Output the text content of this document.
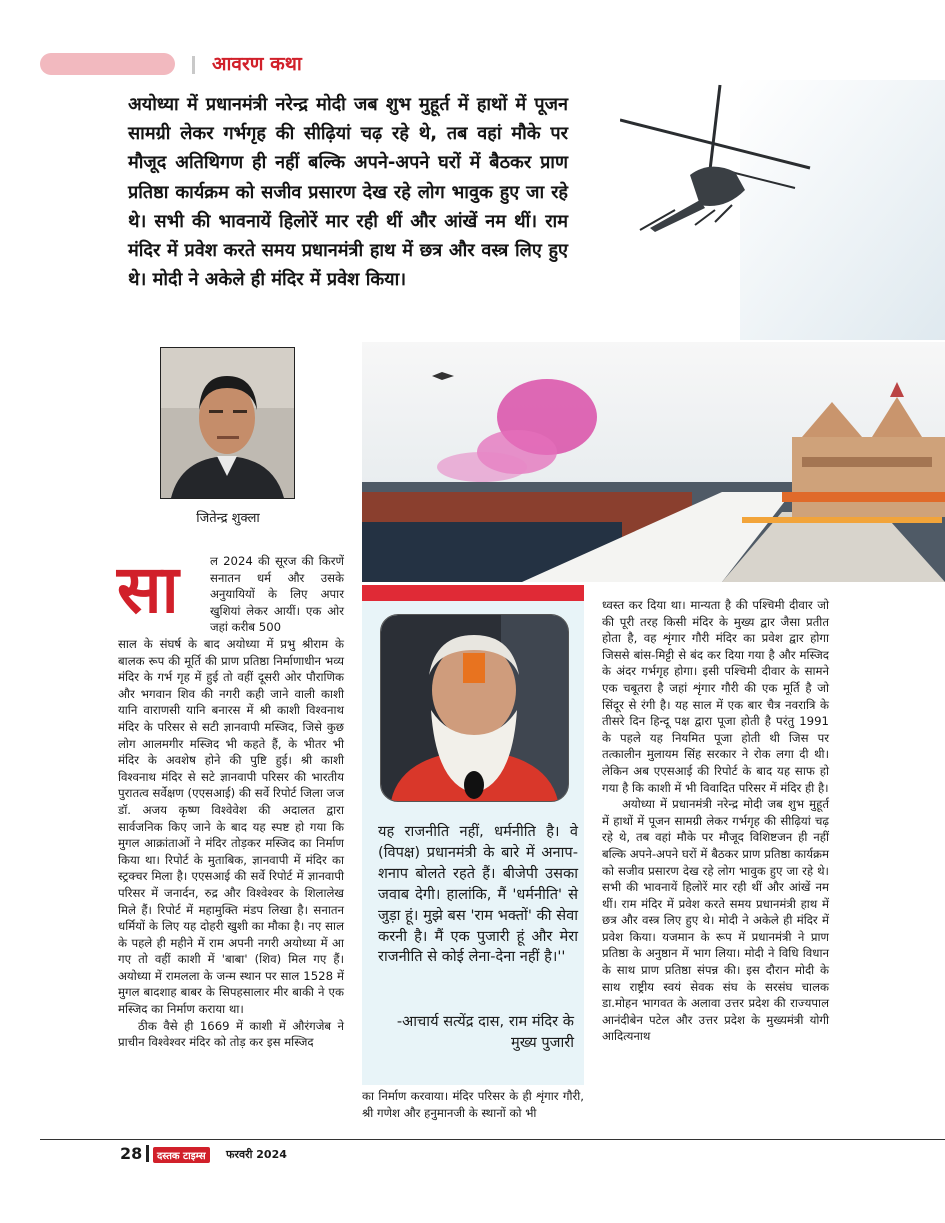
आवरण कथा
अयोध्या में प्रधानमंत्री नरेन्द्र मोदी जब शुभ मुहूर्त में हाथों में पूजन सामग्री लेकर गर्भगृह की सीढ़ियां चढ़ रहे थे, तब वहां मौके पर मौजूद अतिथिगण ही नहीं बल्कि अपने-अपने घरों में बैठकर प्राण प्रतिष्ठा कार्यक्रम को सजीव प्रसारण देख रहे लोग भावुक हुए जा रहे थे। सभी की भावनायें हिलोरें मार रही थीं और आंखें नम थीं। राम मंदिर में प्रवेश करते समय प्रधानमंत्री हाथ में छत्र और वस्त्र लिए हुए थे। मोदी ने अकेले ही मंदिर में प्रवेश किया।
जितेन्द्र शुक्ला
सा	ल 2024 की सूरज की किरणें सनातन धर्म और उसके अनुयायियों के लिए अपार खुशियां लेकर आयीं। एक ओर जहां करीब 500

साल के संघर्ष के बाद अयोध्या में प्रभु श्रीराम के बालक रूप की मूर्ति की प्राण प्रतिष्ठा निर्माणाधीन भव्य मंदिर के गर्भ गृह में हुई तो वहीं दूसरी ओर पौराणिक और भगवान शिव की नगरी कही जाने वाली काशी यानि वाराणसी यानि बनारस में श्री काशी विश्वनाथ मंदिर के परिसर से सटी ज्ञानवापी मस्जिद, जिसे कुछ लोग आलमगीर मस्जिद भी कहते हैं, के भीतर भी मंदिर के अवशेष होने की पुष्टि हुई। श्री काशी विश्वनाथ मंदिर से सटे ज्ञानवापी परिसर की भारतीय पुरातत्व सर्वेक्षण (एएसआई) की सर्वे रिपोर्ट जिला जज डॉ. अजय कृष्ण विश्वेवेश की अदालत द्वारा सार्वजनिक किए जाने के बाद यह स्पष्ट हो गया कि मुगल आक्रांताओं ने मंदिर तोड़कर मस्जिद का निर्माण किया था। रिपोर्ट के मुताबिक, ज्ञानवापी में मंदिर का स्ट्रक्चर मिला है। एएसआई की सर्वे रिपोर्ट में ज्ञानवापी परिसर में जनार्दन, रुद्र और विश्वेश्वर के शिलालेख मिले हैं। रिपोर्ट में महामुक्ति मंडप लिखा है। सनातन धर्मियों के लिए यह दोहरी खुशी का मौका है। नए साल के पहले ही महीने में राम अपनी नगरी अयोध्या में आ गए तो वहीं काशी में 'बाबा' (शिव) मिल गए हैं। अयोध्या में रामलला के जन्म स्थान पर साल 1528 में मुगल बादशाह बाबर के सिपहसालार मीर बाकी ने एक मस्जिद का निर्माण कराया था।

ठीक वैसे ही 1669 में काशी में औरंगजेब ने प्राचीन विश्वेश्वर मंदिर को तोड़ कर इस मस्जिद

यह राजनीति नहीं, धर्मनीति है। वे (विपक्ष) प्रधानमंत्री के बारे में अनाप-शनाप बोलते रहते हैं। बीजेपी उसका जवाब देगी। हालांकि, मैं 'धर्मनीति' से जुड़ा हूं। मुझे बस 'राम भक्तों' की सेवा करनी है। मैं एक पुजारी हूं और मेरा राजनीति से कोई लेना-देना नहीं है।''
-आचार्य सत्येंद्र दास, राम मंदिर के मुख्य पुजारी

का निर्माण करवाया। मंदिर परिसर के ही शृंगार गौरी, श्री गणेश और हनुमानजी के स्थानों को भी

ध्वस्त कर दिया था। मान्यता है की पश्चिमी दीवार जो की पूरी तरह किसी मंदिर के मुख्य द्वार जैसा प्रतीत होता है, वह शृंगार गौरी मंदिर का प्रवेश द्वार होगा जिससे बांस-मिट्टी से बंद कर दिया गया है और मस्जिद के अंदर गर्भगृह होगा। इसी पश्चिमी दीवार के सामने एक चबूतरा है जहां शृंगार गौरी की एक मूर्ति है जो सिंदूर से रंगी है। यह साल में एक बार चैत्र नवरात्रि के तीसरे दिन हिन्दू पक्ष द्वारा पूजा होती है परंतु 1991 के पहले यह नियमित पूजा होती थी जिस पर तत्कालीन मुलायम सिंह सरकार ने रोक लगा दी थी। लेकिन अब एएसआई की रिपोर्ट के बाद यह साफ हो गया है कि काशी में भी विवादित परिसर में मंदिर ही है।

अयोध्या में प्रधानमंत्री नरेन्द्र मोदी जब शुभ मुहूर्त में हाथों में पूजन सामग्री लेकर गर्भगृह की सीढ़ियां चढ़ रहे थे, तब वहां मौके पर मौजूद विशिष्टजन ही नहीं बल्कि अपने-अपने घरों में बैठकर प्राण प्रतिष्ठा कार्यक्रम को सजीव प्रसारण देख रहे लोग भावुक हुए जा रहे थे। सभी की भावनायें हिलोरें मार रही थीं और आंखें नम थीं। राम मंदिर में प्रवेश करते समय प्रधानमंत्री हाथ में छत्र और वस्त्र लिए हुए थे। मोदी ने अकेले ही मंदिर में प्रवेश किया। यजमान के रूप में प्रधानमंत्री ने प्राण प्रतिष्ठा के अनुष्ठान में भाग लिया। मोदी ने विधि विधान के साथ प्राण प्रतिष्ठा संपन्न की। इस दौरान मोदी के साथ राष्ट्रीय स्वयं सेवक संघ के सरसंघ चालक डा.मोहन भागवत के अलावा उत्तर प्रदेश की राज्यपाल आनंदीबेन पटेल और उत्तर प्रदेश के मुख्यमंत्री योगी आदित्यनाथ

28	दस्तक टाइम्स	फरवरी 2024
